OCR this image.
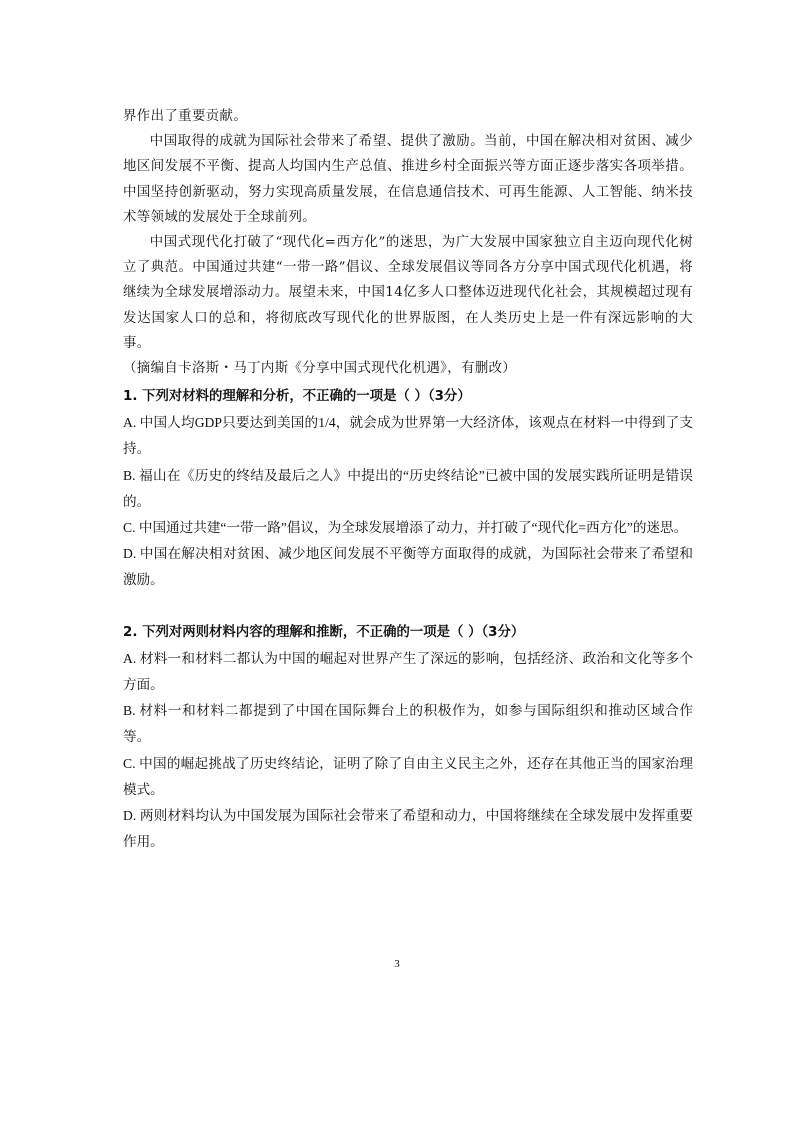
界作出了重要贡献。

中国取得的成就为国际社会带来了希望、提供了激励。当前，中国在解决相对贫困、减少地区间发展不平衡、提高人均国内生产总值、推进乡村全面振兴等方面正逐步落实各项举措。中国坚持创新驱动，努力实现高质量发展，在信息通信技术、可再生能源、人工智能、纳米技术等领域的发展处于全球前列。

中国式现代化打破了“现代化=西方化”的迷思，为广大发展中国家独立自主迈向现代化树立了典范。中国通过共建“一带一路”倡议、全球发展倡议等同各方分享中国式现代化机遇，将继续为全球发展增添动力。展望未来，中国14亿多人口整体迈进现代化社会，其规模超过现有发达国家人口的总和，将彻底改写现代化的世界版图，在人类历史上是一件有深远影响的大事。

（摘编自卡洛斯・马丁内斯《分享中国式现代化机遇》，有删改）

1. 下列对材料的理解和分析，不正确的一项是（ ）（3分）

A. 中国人均GDP只要达到美国的1/4，就会成为世界第一大经济体，该观点在材料一中得到了支持。

B. 福山在《历史的终结及最后之人》中提出的“历史终结论”已被中国的发展实践所证明是错误的。

C. 中国通过共建“一带一路”倡议，为全球发展增添了动力，并打破了“现代化=西方化”的迷思。

D. 中国在解决相对贫困、减少地区间发展不平衡等方面取得的成就，为国际社会带来了希望和激励。

2. 下列对两则材料内容的理解和推断，不正确的一项是（ ）（3分）

A. 材料一和材料二都认为中国的崛起对世界产生了深远的影响，包括经济、政治和文化等多个方面。

B. 材料一和材料二都提到了中国在国际舞台上的积极作为，如参与国际组织和推动区域合作等。

C. 中国的崛起挑战了历史终结论，证明了除了自由主义民主之外，还存在其他正当的国家治理模式。

D. 两则材料均认为中国发展为国际社会带来了希望和动力，中国将继续在全球发展中发挥重要作用。

3
